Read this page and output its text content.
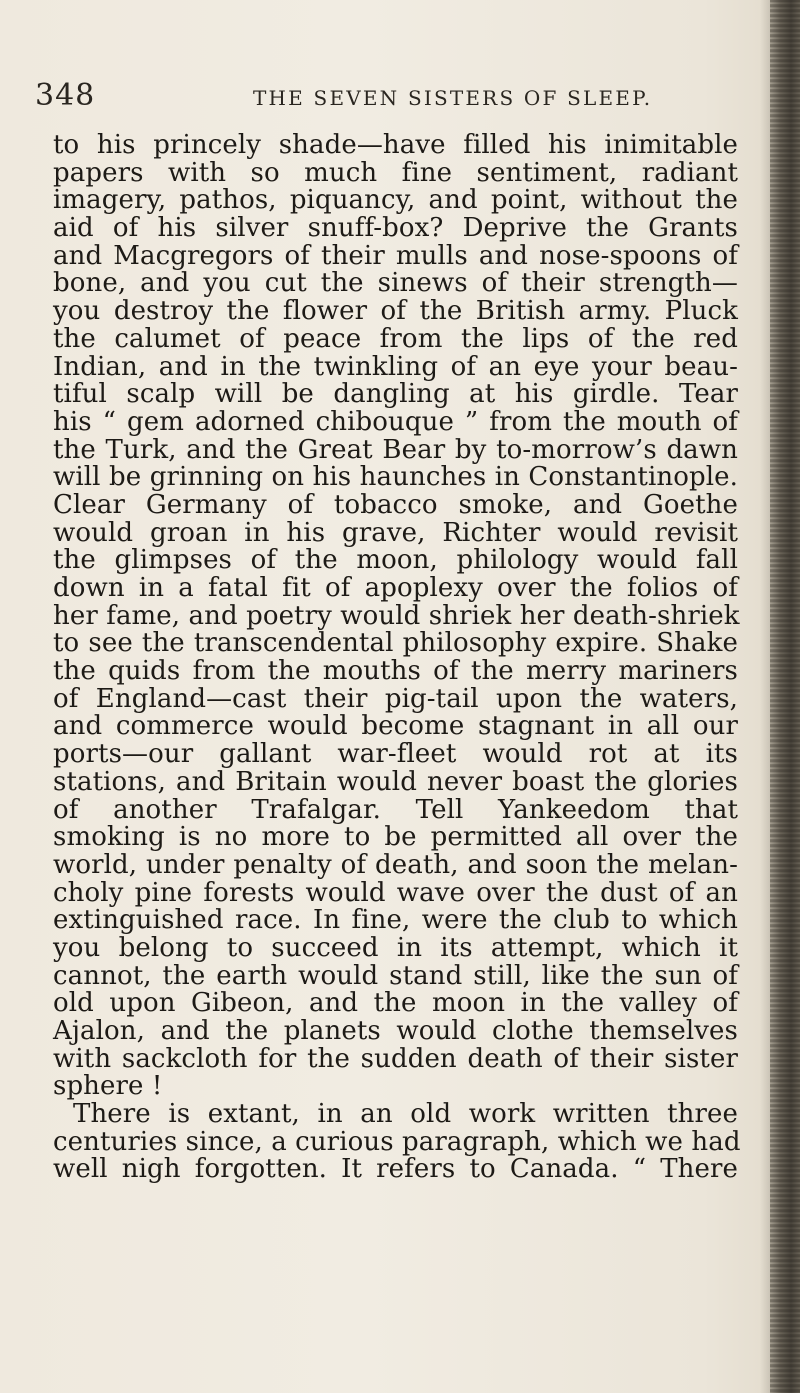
348	THE SEVEN SISTERS OF SLEEP.
to his princely shade—have filled his inimitable
papers with so much fine sentiment, radiant
imagery, pathos, piquancy, and point, without the
aid of his silver snuff-box? Deprive the Grants
and Macgregors of their mulls and nose-spoons of
bone, and you cut the sinews of their strength—
you destroy the flower of the British army. Pluck
the calumet of peace from the lips of the red
Indian, and in the twinkling of an eye your beau-
tiful scalp will be dangling at his girdle. Tear
his “ gem adorned chibouque ” from the mouth of
the Turk, and the Great Bear by to-morrow’s dawn
will be grinning on his haunches in Constantinople.
Clear Germany of tobacco smoke, and Goethe
would groan in his grave, Richter would revisit
the glimpses of the moon, philology would fall
down in a fatal fit of apoplexy over the folios of
her fame, and poetry would shriek her death-shriek
to see the transcendental philosophy expire. Shake
the quids from the mouths of the merry mariners
of England—cast their pig-tail upon the waters,
and commerce would become stagnant in all our
ports—our gallant war-fleet would rot at its
stations, and Britain would never boast the glories
of another Trafalgar. Tell Yankeedom that
smoking is no more to be permitted all over the
world, under penalty of death, and soon the melan-
choly pine forests would wave over the dust of an
extinguished race. In fine, were the club to which
you belong to succeed in its attempt, which it
cannot, the earth would stand still, like the sun of
old upon Gibeon, and the moon in the valley of
Ajalon, and the planets would clothe themselves
with sackcloth for the sudden death of their sister
sphere !
There is extant, in an old work written three
centuries since, a curious paragraph, which we had
well nigh forgotten. It refers to Canada. “ There
